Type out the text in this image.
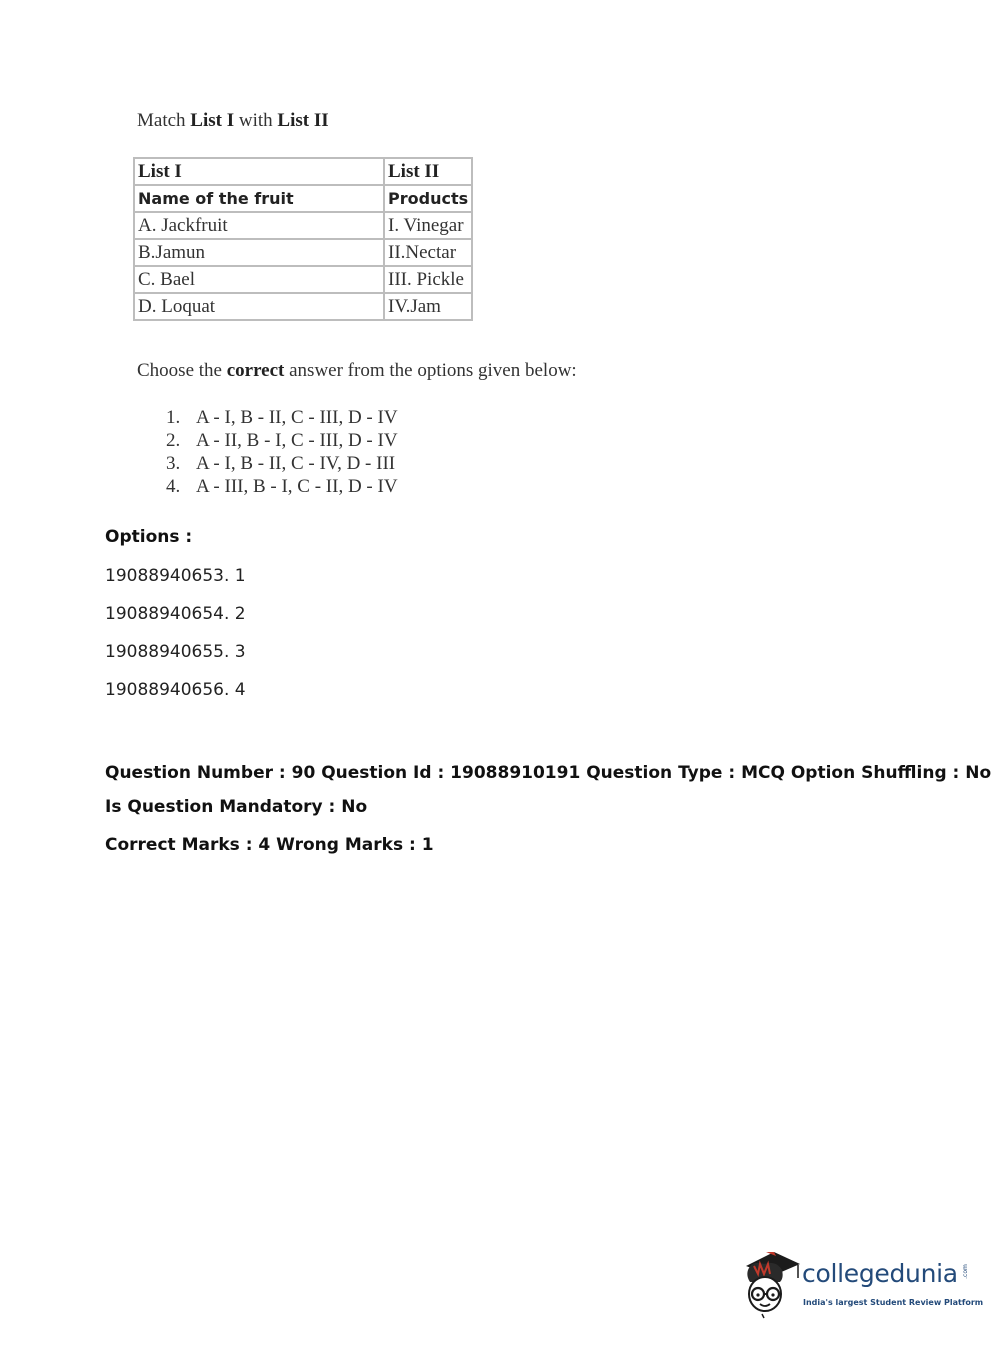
Match List I with List II
List I	List II
Name of the fruit	Products
A. Jackfruit	I. Vinegar
B.Jamun	II.Nectar
C. Bael	III. Pickle
D. Loquat	IV.Jam
Choose the correct answer from the options given below:
1. A - I, B - II, C - III, D - IV
2. A - II, B - I, C - III, D - IV
3. A - I, B - II, C - IV, D - III
4. A - III, B - I, C - II, D - IV
Options :
19088940653. 1
19088940654. 2
19088940655. 3
19088940656. 4
Question Number : 90 Question Id : 19088910191 Question Type : MCQ Option Shuffling : No
Is Question Mandatory : No
Correct Marks : 4 Wrong Marks : 1
collegedunia .com
India's largest Student Review Platform
